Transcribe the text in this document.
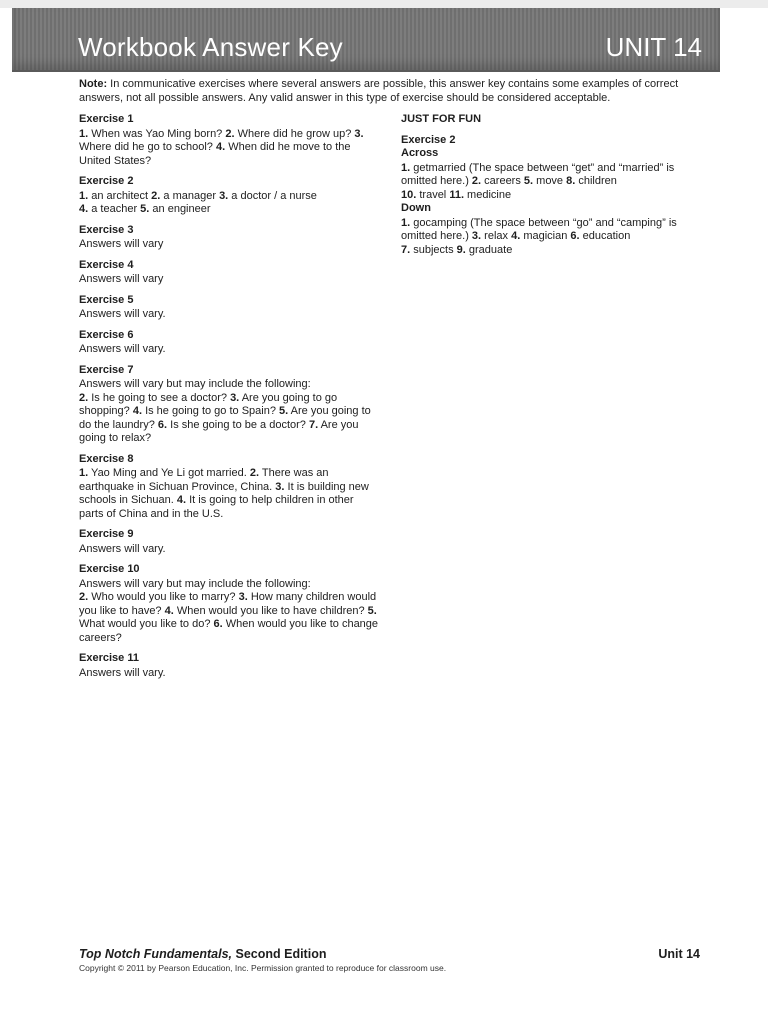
Workbook Answer Key	UNIT 14
Note: In communicative exercises where several answers are possible, this answer key contains some examples of correct answers, not all possible answers. Any valid answer in this type of exercise should be considered acceptable.
Exercise 1
1. When was Yao Ming born? 2. Where did he grow up? 3. Where did he go to school? 4. When did he move to the United States?
Exercise 2
1. an architect 2. a manager 3. a doctor / a nurse
4. a teacher 5. an engineer
Exercise 3
Answers will vary
Exercise 4
Answers will vary
Exercise 5
Answers will vary.
Exercise 6
Answers will vary.
Exercise 7
Answers will vary but may include the following:
2. Is he going to see a doctor? 3. Are you going to go shopping? 4. Is he going to go to Spain? 5. Are you going to do the laundry? 6. Is she going to be a doctor? 7. Are you going to relax?
Exercise 8
1. Yao Ming and Ye Li got married. 2. There was an earthquake in Sichuan Province, China. 3. It is building new schools in Sichuan. 4. It is going to help children in other parts of China and in the U.S.
Exercise 9
Answers will vary.
Exercise 10
Answers will vary but may include the following:
2. Who would you like to marry? 3. How many children would you like to have? 4. When would you like to have children? 5. What would you like to do? 6. When would you like to change careers?
Exercise 11
Answers will vary.
JUST FOR FUN
Exercise 2
Across
1. getmarried (The space between “get” and “married” is omitted here.) 2. careers 5. move 8. children
10. travel 11. medicine
Down
1. gocamping (The space between “go” and “camping” is omitted here.) 3. relax 4. magician 6. education
7. subjects 9. graduate
Top Notch Fundamentals, Second Edition	Unit 14
Copyright © 2011 by Pearson Education, Inc. Permission granted to reproduce for classroom use.
